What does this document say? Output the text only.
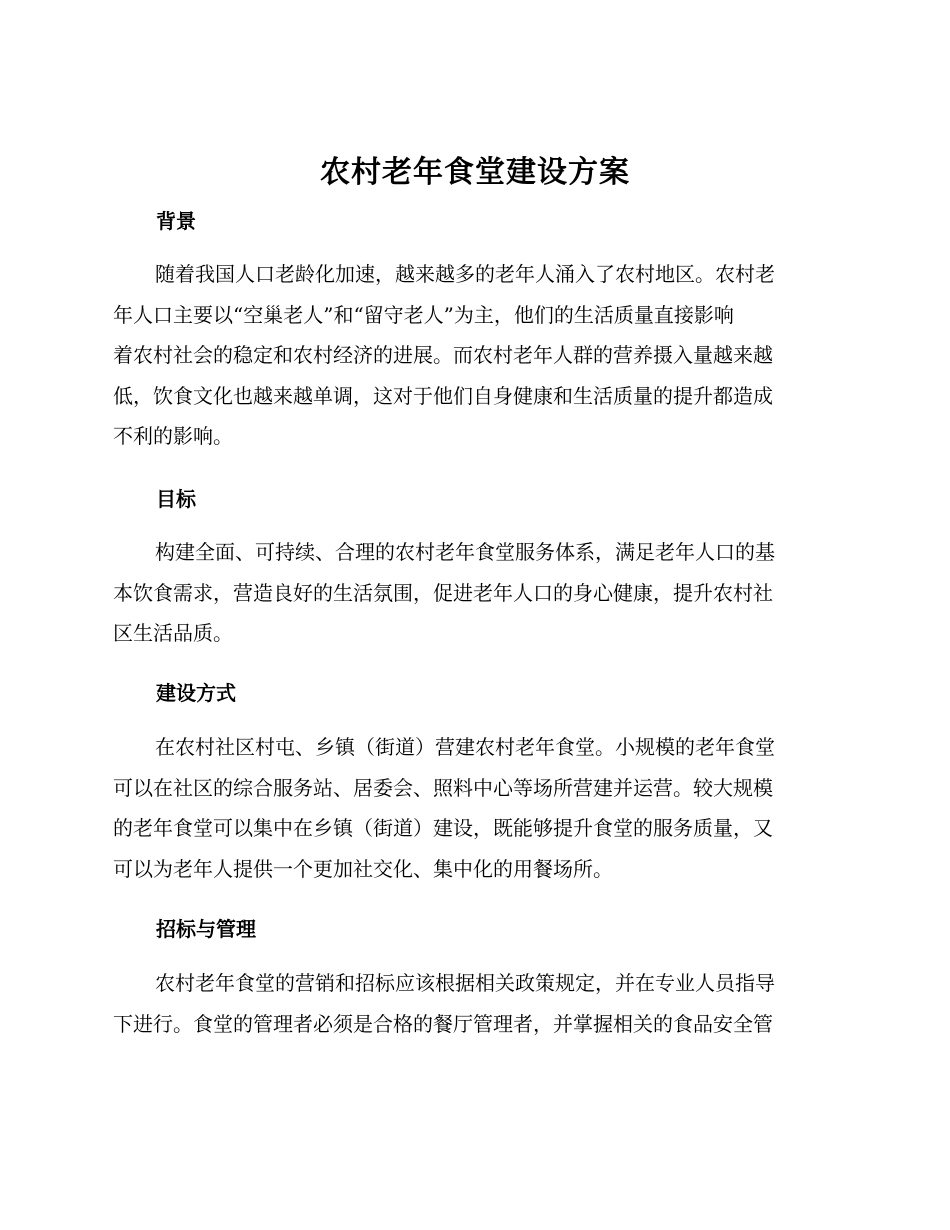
农村老年食堂建设方案
背景
随着我国人口老龄化加速，越来越多的老年人涌入了农村地区。农村老
年人口主要以“空巢老人”和“留守老人”为主，他们的生活质量直接影响
着农村社会的稳定和农村经济的进展。而农村老年人群的营养摄入量越来越
低，饮食文化也越来越单调，这对于他们自身健康和生活质量的提升都造成
不利的影响。
目标
构建全面、可持续、合理的农村老年食堂服务体系，满足老年人口的基
本饮食需求，营造良好的生活氛围，促进老年人口的身心健康，提升农村社
区生活品质。
建设方式
在农村社区村屯、乡镇（街道）营建农村老年食堂。小规模的老年食堂
可以在社区的综合服务站、居委会、照料中心等场所营建并运营。较大规模
的老年食堂可以集中在乡镇（街道）建设，既能够提升食堂的服务质量，又
可以为老年人提供一个更加社交化、集中化的用餐场所。
招标与管理
农村老年食堂的营销和招标应该根据相关政策规定，并在专业人员指导
下进行。食堂的管理者必须是合格的餐厅管理者，并掌握相关的食品安全管
